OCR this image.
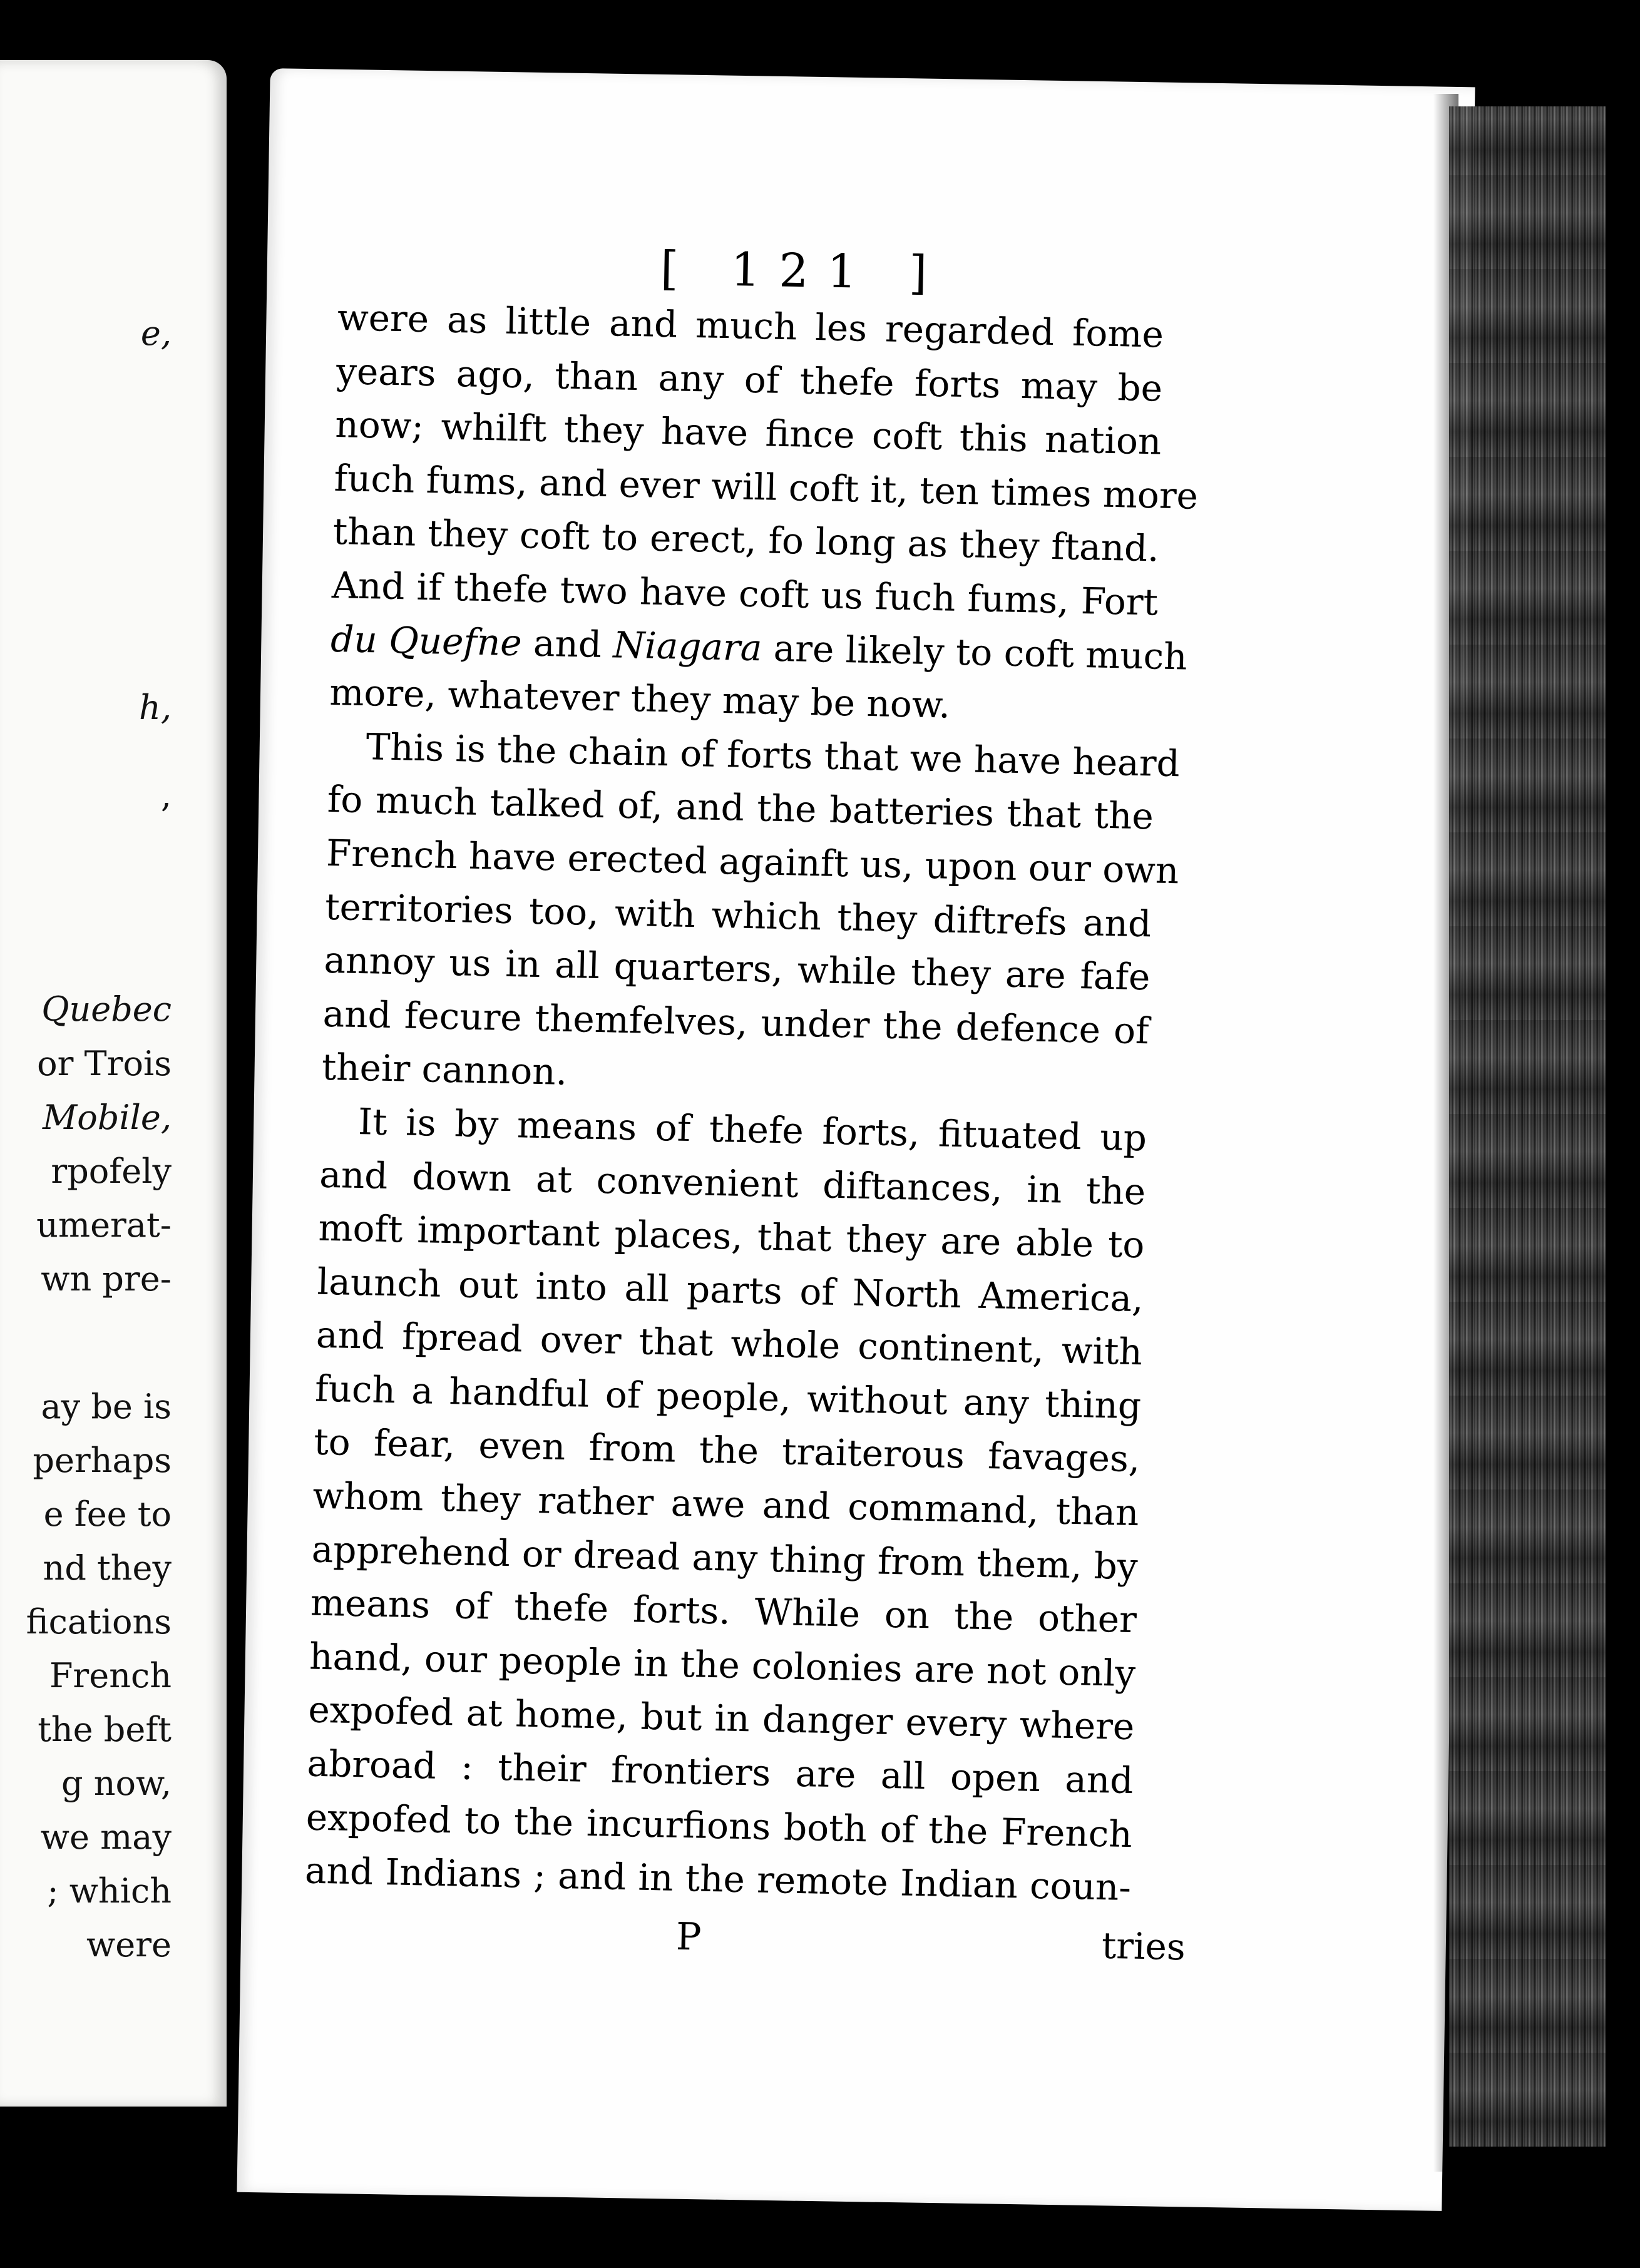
e,
h,
,
Quebec
or Trois
Mobile,
rpofely
umerat-
wn pre-
ay be is
perhaps
e fee to
nd they
fications
French
the beft
g now,
we may
; which
were
[ 121 ]
were as little and much les regarded fome
years ago, than any of thefe forts may be
now; whilft they have fince coft this nation
fuch fums, and ever will coft it, ten times more
than they coft to erect, fo long as they ftand.
And if thefe two have coft us fuch fums, Fort
du Quefne and Niagara are likely to coft much
more, whatever they may be now.
This is the chain of forts that we have heard
fo much talked of, and the batteries that the
French have erected againft us, upon our own
territories too, with which they diftrefs and
annoy us in all quarters, while they are fafe
and fecure themfelves, under the defence of
their cannon.
It is by means of thefe forts, fituated up
and down at convenient diftances, in the
moft important places, that they are able to
launch out into all parts of North America,
and fpread over that whole continent, with
fuch a handful of people, without any thing
to fear, even from the traiterous favages,
whom they rather awe and command, than
apprehend or dread any thing from them, by
means of thefe forts. While on the other
hand, our people in the colonies are not only
expofed at home, but in danger every where
abroad : their frontiers are all open and
expofed to the incurfions both of the French
and Indians ; and in the remote Indian coun-
P	tries
